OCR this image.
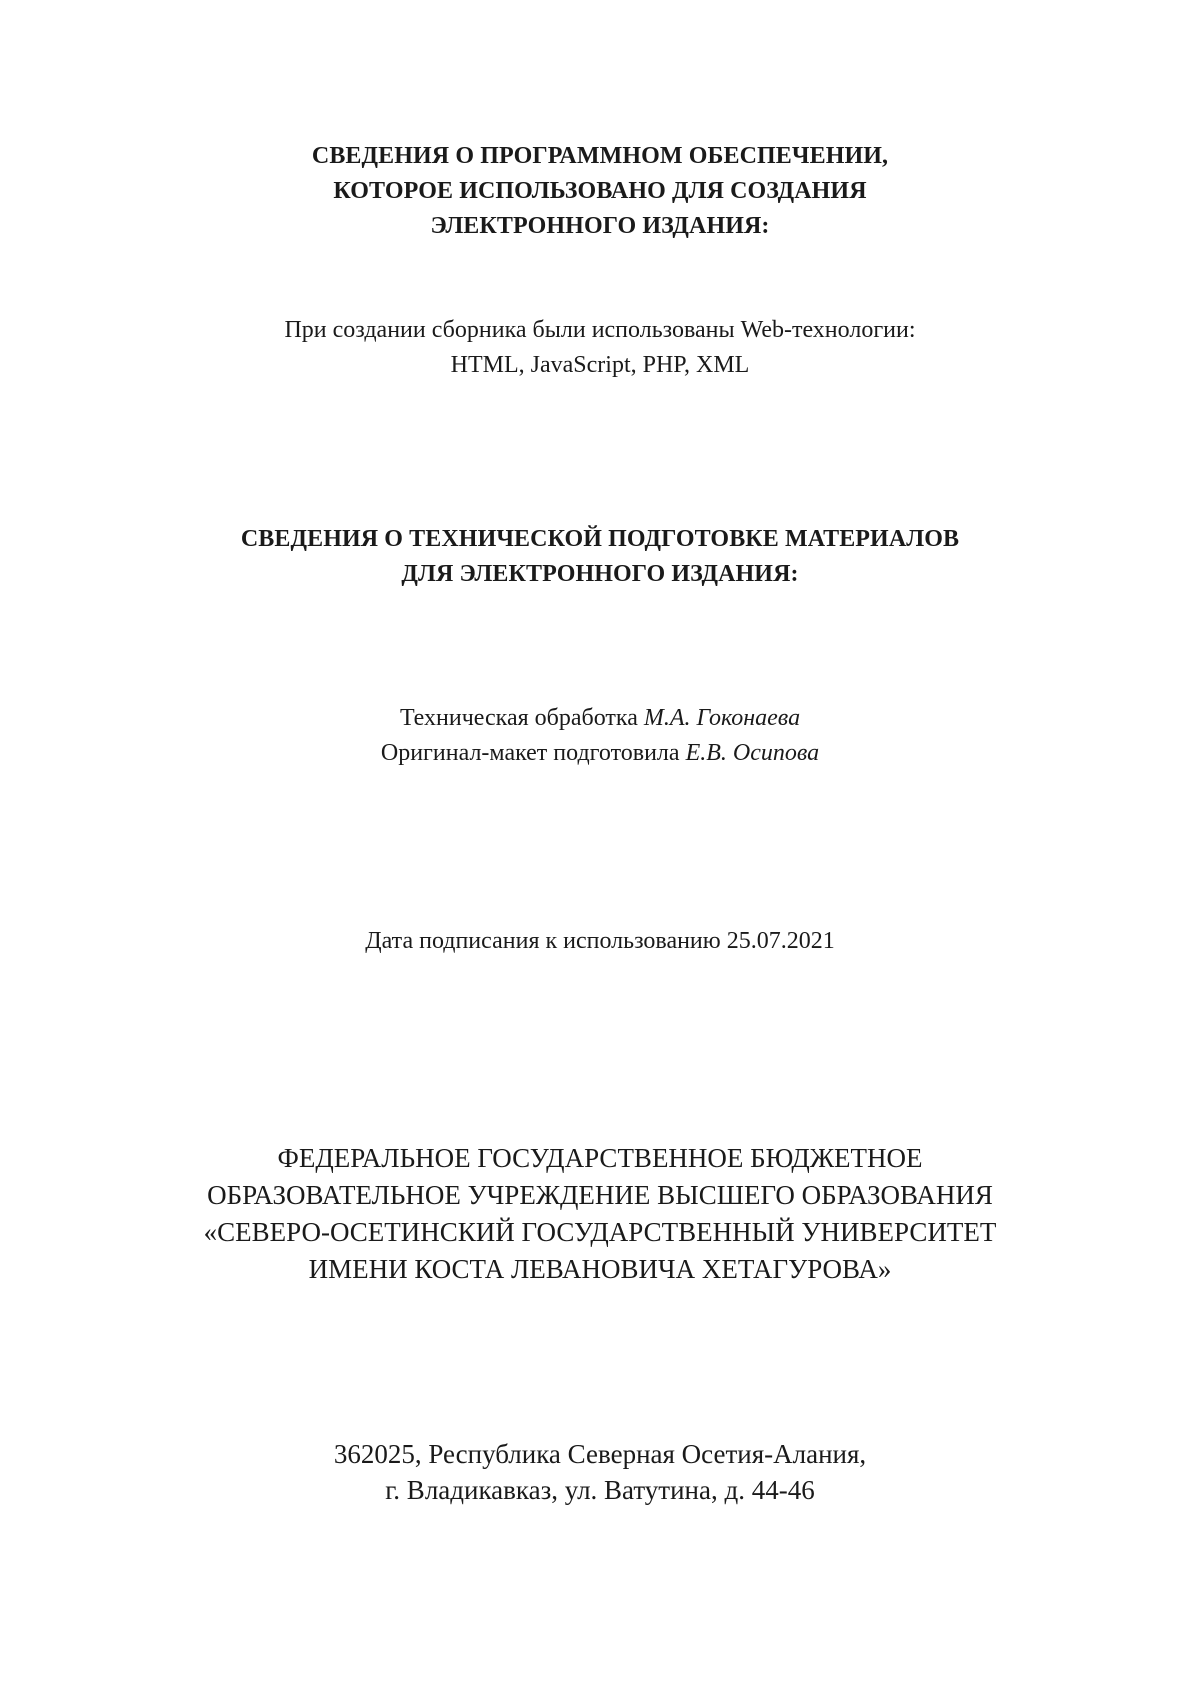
СВЕДЕНИЯ О ПРОГРАММНОМ ОБЕСПЕЧЕНИИ,
КОТОРОЕ ИСПОЛЬЗОВАНО ДЛЯ СОЗДАНИЯ
ЭЛЕКТРОННОГО ИЗДАНИЯ:
При создании сборника были использованы Web-технологии:
HTML, JavaScript, PHP, XML
СВЕДЕНИЯ О ТЕХНИЧЕСКОЙ ПОДГОТОВКЕ МАТЕРИАЛОВ
ДЛЯ ЭЛЕКТРОННОГО ИЗДАНИЯ:
Техническая обработка М.А. Гоконаева
Оригинал-макет подготовила Е.В. Осипова
Дата подписания к использованию 25.07.2021
ФЕДЕРАЛЬНОЕ ГОСУДАРСТВЕННОЕ БЮДЖЕТНОЕ
ОБРАЗОВАТЕЛЬНОЕ УЧРЕЖДЕНИЕ ВЫСШЕГО ОБРАЗОВАНИЯ
«СЕВЕРО-ОСЕТИНСКИЙ ГОСУДАРСТВЕННЫЙ УНИВЕРСИТЕТ
ИМЕНИ КОСТА ЛЕВАНОВИЧА ХЕТАГУРОВА»
362025, Республика Северная Осетия-Алания,
г. Владикавказ, ул. Ватутина, д. 44-46
